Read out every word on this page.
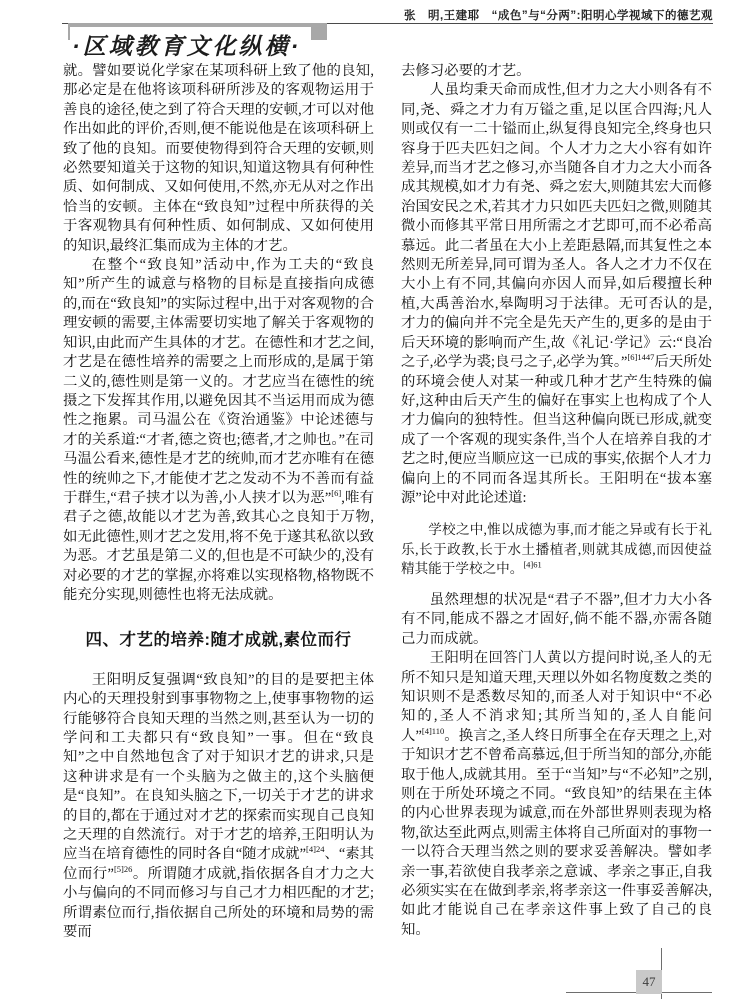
张　明,王建耶　“成色”与“分两”:阳明心学视域下的德艺观
·区域教育文化纵横·
就。譬如要说化学家在某项科研上致了他的良知,那必定是在他将该项科研所涉及的客观物运用于善良的途径,使之到了符合天理的安顿,才可以对他作出如此的评价,否则,便不能说他是在该项科研上致了他的良知。而要使物得到符合天理的安顿,则必然要知道关于这物的知识,知道这物具有何种性质、如何制成、又如何使用,不然,亦无从对之作出恰当的安顿。主体在“致良知”过程中所获得的关于客观物具有何种性质、如何制成、又如何使用的知识,最终汇集而成为主体的才艺。
在整个“致良知”活动中,作为工夫的“致良知”所产生的诚意与格物的目标是直接指向成德的,而在“致良知”的实际过程中,出于对客观物的合理安顿的需要,主体需要切实地了解关于客观物的知识,由此而产生具体的才艺。在德性和才艺之间,才艺是在德性培养的需要之上而形成的,是属于第二义的,德性则是第一义的。才艺应当在德性的统摄之下发挥其作用,以避免因其不当运用而成为德性之拖累。司马温公在《资治通鉴》中论述德与才的关系道:“才者,德之资也;德者,才之帅也。”在司马温公看来,德性是才艺的统帅,而才艺亦唯有在德性的统帅之下,才能使才艺之发动不为不善而有益于群生,“君子挟才以为善,小人挟才以为恶”[6],唯有君子之德,故能以才艺为善,致其心之良知于万物,如无此德性,则才艺之发用,将不免于遂其私欲以致为恶。才艺虽是第二义的,但也是不可缺少的,没有对必要的才艺的掌握,亦将难以实现格物,格物既不能充分实现,则德性也将无法成就。
四、才艺的培养:随才成就,素位而行
王阳明反复强调“致良知”的目的是要把主体内心的天理投射到事事物物之上,使事事物物的运行能够符合良知天理的当然之则,甚至认为一切的学问和工夫都只有“致良知”一事。但在“致良知”之中自然地包含了对于知识才艺的讲求,只是这种讲求是有一个头脑为之做主的,这个头脑便是“良知”。在良知头脑之下,一切关于才艺的讲求的目的,都在于通过对才艺的探索而实现自己良知之天理的自然流行。对于才艺的培养,王阳明认为应当在培育德性的同时各自“随才成就”$^{[4]24}$、“素其位而行”$^{[5]26}$。所谓随才成就,指依据各自才力之大小与偏向的不同而修习与自己才力相匹配的才艺;所谓素位而行,指依据自己所处的环境和局势的需要而
去修习必要的才艺。
人虽均秉天命而成性,但才力之大小则各有不同,尧、舜之才力有万镒之重,足以匡合四海;凡人则或仅有一二十镒而止,纵复得良知完全,终身也只容身于匹夫匹妇之间。个人才力之大小容有如许差异,而当才艺之修习,亦当随各自才力之大小而各成其规模,如才力有尧、舜之宏大,则随其宏大而修治国安民之术,若其才力只如匹夫匹妇之微,则随其微小而修其平常日用所需之才艺即可,而不必希高慕远。此二者虽在大小上差距悬隔,而其复性之本然则无所差异,同可谓为圣人。各人之才力不仅在大小上有不同,其偏向亦因人而异,如后稷擅长种植,大禹善治水,皋陶明习于法律。无可否认的是,才力的偏向并不完全是先天产生的,更多的是由于后天环境的影响而产生,故《礼记·学记》云:“良冶之子,必学为裘;良弓之子,必学为箕。”$^{[6]1447}$后天所处的环境会使人对某一种或几种才艺产生特殊的偏好,这种由后天产生的偏好在事实上也构成了个人才力偏向的独特性。但当这种偏向既已形成,就变成了一个客观的现实条件,当个人在培养自我的才艺之时,便应当顺应这一已成的事实,依据个人才力偏向上的不同而各逞其所长。王阳明在“拔本塞源”论中对此论述道:
学校之中,惟以成德为事,而才能之异或有长于礼乐,长于政教,长于水土播植者,则就其成德,而因使益精其能于学校之中。$^{[4]61}$
虽然理想的状况是“君子不器”,但才力大小各有不同,能成不器之才固好,倘不能不器,亦需各随己力而成就。
王阳明在回答门人黄以方提问时说,圣人的无所不知只是知道天理,天理以外如名物度数之类的知识则不是悉数尽知的,而圣人对于知识中“不必知的,圣人不消求知;其所当知的,圣人自能问人”$^{[4]110}$。换言之,圣人终日所事全在存天理之上,对于知识才艺不曾希高慕远,但于所当知的部分,亦能取于他人,成就其用。至于“当知”与“不必知”之别,则在于所处环境之不同。“致良知”的结果在主体的内心世界表现为诚意,而在外部世界则表现为格物,欲达至此两点,则需主体将自己所面对的事物一一以符合天理当然之则的要求妥善解决。譬如孝亲一事,若欲使自我孝亲之意诚、孝亲之事正,自我必须实实在在做到孝亲,将孝亲这一件事妥善解决,如此才能说自己在孝亲这件事上致了自己的良知。
47
